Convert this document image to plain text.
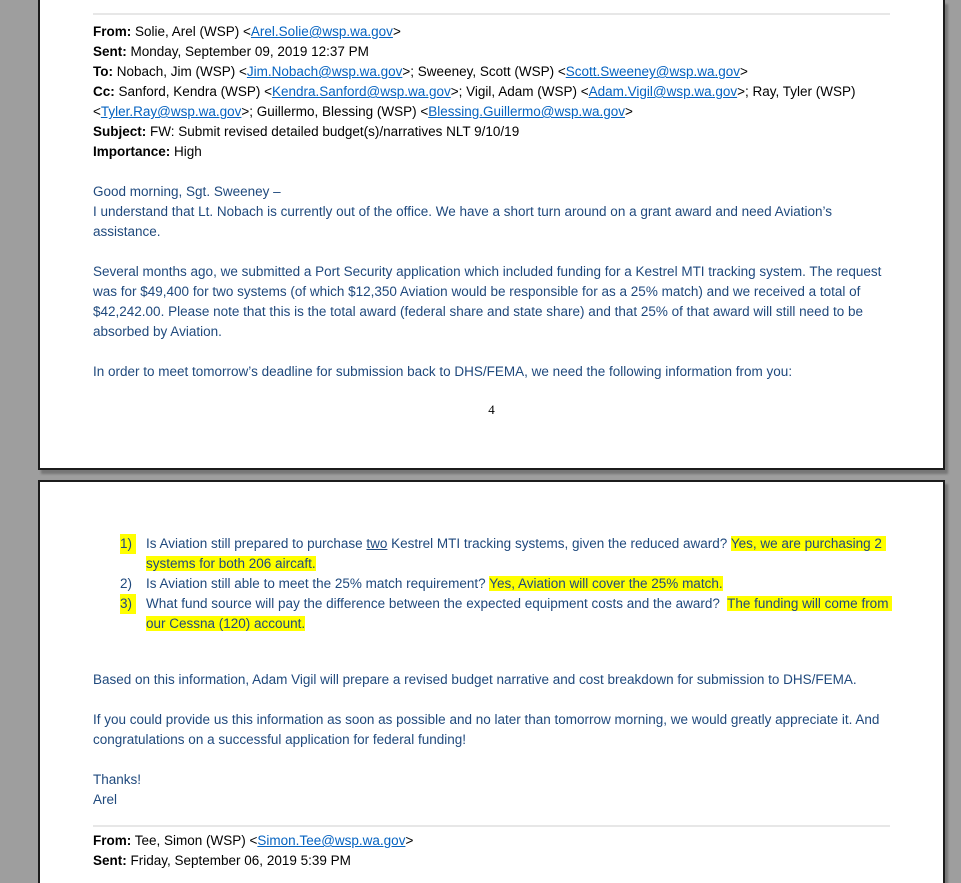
From: Solie, Arel (WSP) <Arel.Solie@wsp.wa.gov>
Sent: Monday, September 09, 2019 12:37 PM
To: Nobach, Jim (WSP) <Jim.Nobach@wsp.wa.gov>; Sweeney, Scott (WSP) <Scott.Sweeney@wsp.wa.gov>
Cc: Sanford, Kendra (WSP) <Kendra.Sanford@wsp.wa.gov>; Vigil, Adam (WSP) <Adam.Vigil@wsp.wa.gov>; Ray, Tyler (WSP) <Tyler.Ray@wsp.wa.gov>; Guillermo, Blessing (WSP) <Blessing.Guillermo@wsp.wa.gov>
Subject: FW: Submit revised detailed budget(s)/narratives NLT 9/10/19
Importance: High
Good morning, Sgt. Sweeney –
I understand that Lt. Nobach is currently out of the office. We have a short turn around on a grant award and need Aviation’s assistance.
Several months ago, we submitted a Port Security application which included funding for a Kestrel MTI tracking system. The request was for $49,400 for two systems (of which $12,350 Aviation would be responsible for as a 25% match) and we received a total of $42,242.00. Please note that this is the total award (federal share and state share) and that 25% of that award will still need to be absorbed by Aviation.
In order to meet tomorrow’s deadline for submission back to DHS/FEMA, we need the following information from you:
4
1) Is Aviation still prepared to purchase two Kestrel MTI tracking systems, given the reduced award? Yes, we are purchasing 2 systems for both 206 aircaft.
2) Is Aviation still able to meet the 25% match requirement? Yes, Aviation will cover the 25% match.
3) What fund source will pay the difference between the expected equipment costs and the award?  The funding will come from our Cessna (120) account.
Based on this information, Adam Vigil will prepare a revised budget narrative and cost breakdown for submission to DHS/FEMA.
If you could provide us this information as soon as possible and no later than tomorrow morning, we would greatly appreciate it. And congratulations on a successful application for federal funding!
Thanks!
Arel
From: Tee, Simon (WSP) <Simon.Tee@wsp.wa.gov>
Sent: Friday, September 06, 2019 5:39 PM
